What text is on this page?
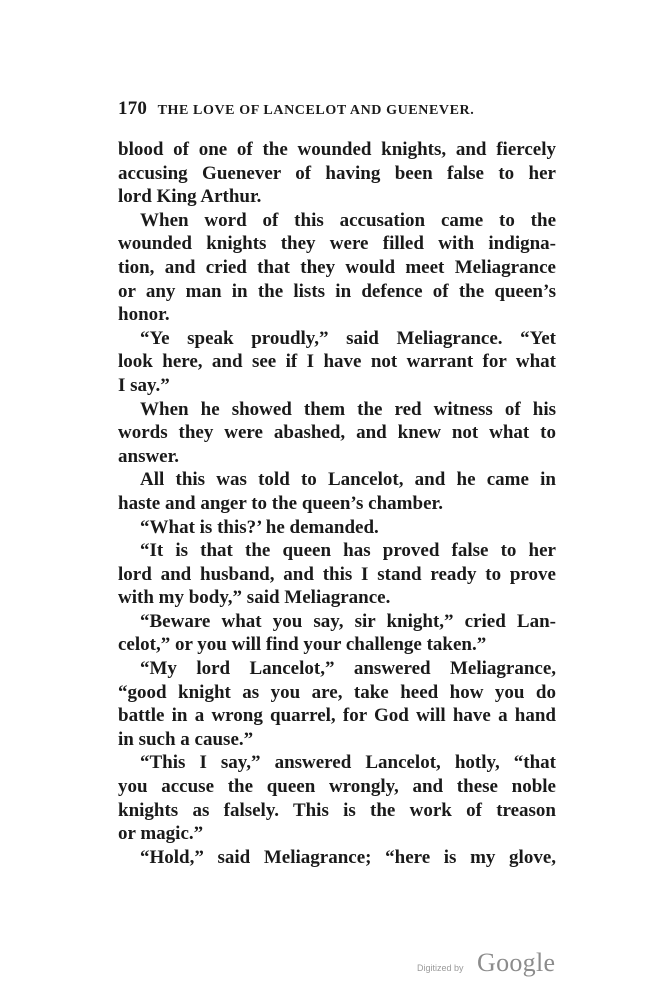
170 THE LOVE OF LANCELOT AND GUENEVER.
blood of one of the wounded knights, and fiercely
accusing Guenever of having been false to her
lord King Arthur.
When word of this accusation came to the
wounded knights they were filled with indigna-
tion, and cried that they would meet Meliagrance
or any man in the lists in defence of the queen’s
honor.
“Ye speak proudly,” said Meliagrance. “Yet
look here, and see if I have not warrant for what
I say.”
When he showed them the red witness of his
words they were abashed, and knew not what to
answer.
All this was told to Lancelot, and he came in
haste and anger to the queen’s chamber.
“What is this?’ he demanded.
“It is that the queen has proved false to her
lord and husband, and this I stand ready to prove
with my body,” said Meliagrance.
“Beware what you say, sir knight,” cried Lan-
celot,” or you will find your challenge taken.”
“My lord Lancelot,” answered Meliagrance,
“good knight as you are, take heed how you do
battle in a wrong quarrel, for God will have a hand
in such a cause.”
“This I say,” answered Lancelot, hotly, “that
you accuse the queen wrongly, and these noble
knights as falsely. This is the work of treason
or magic.”
“Hold,” said Meliagrance; “here is my glove,
Digitized by Google
